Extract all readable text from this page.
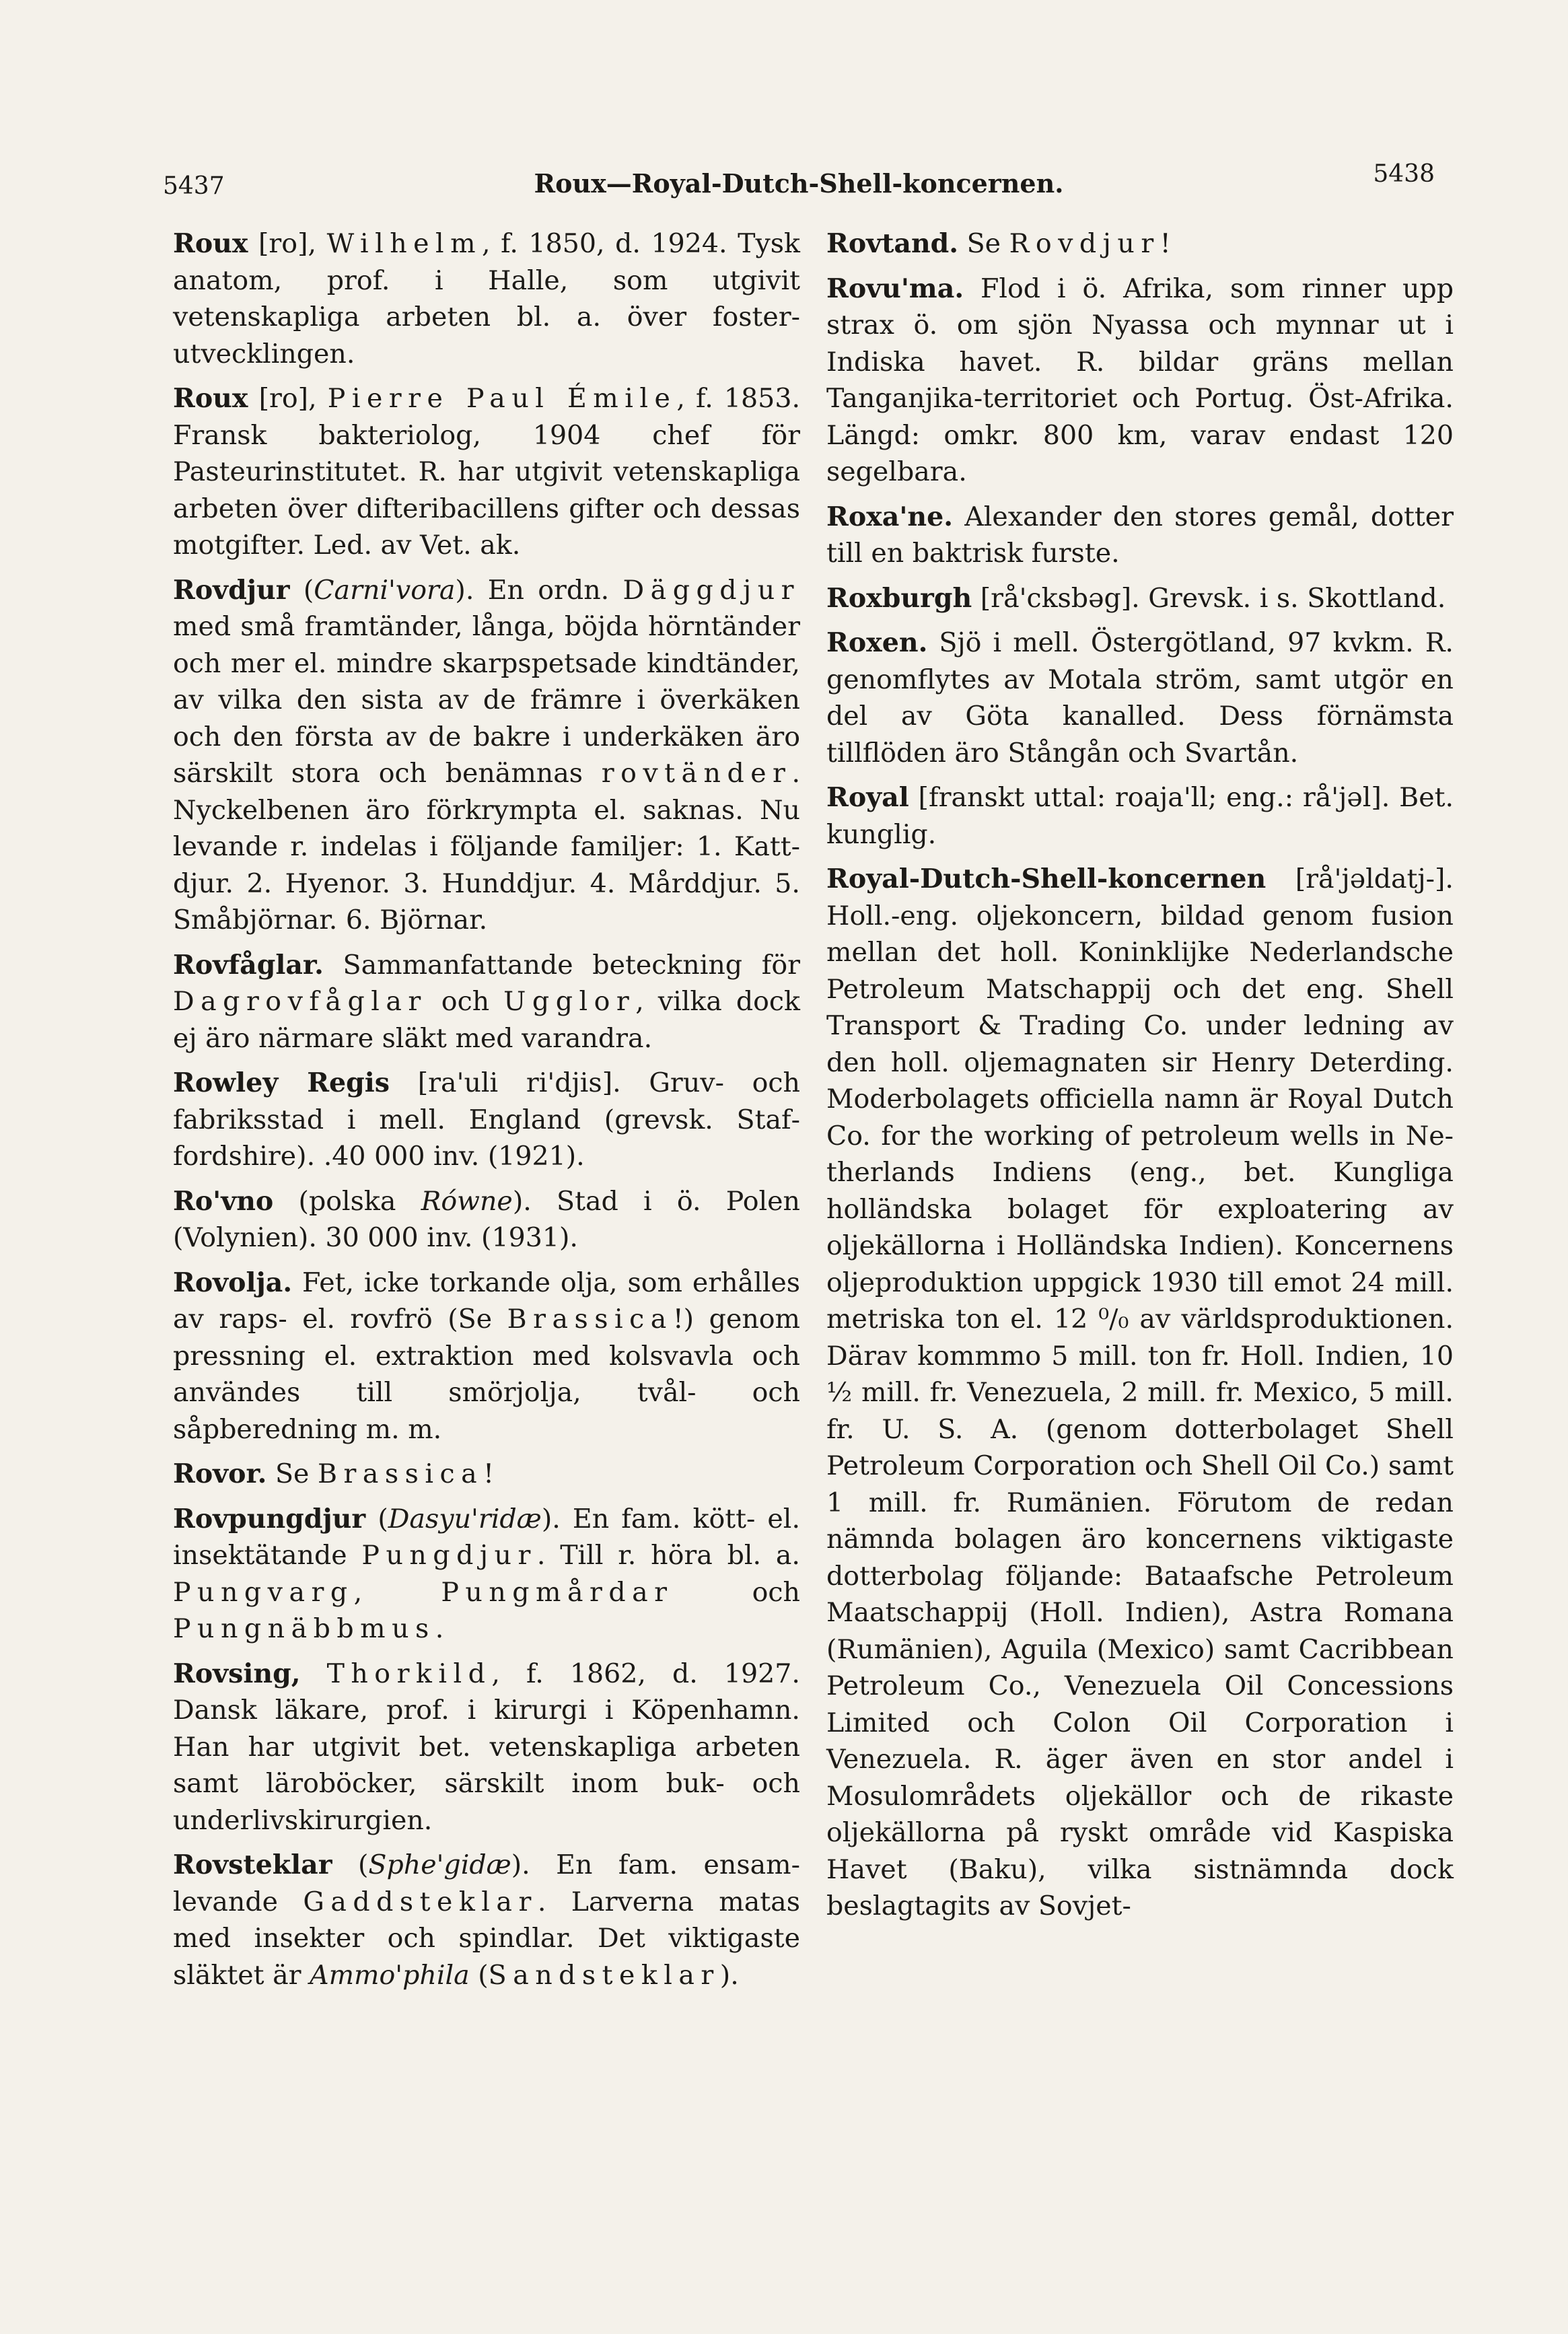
5437	Roux—Royal-Dutch-Shell-koncernen.	5438

Roux [ro], Wilhelm, f. 1850, d. 1924. Tysk anatom, prof. i Halle, som utgivit vetenskapliga arbeten bl. a. över fosterutvecklingen.

Roux [ro], Pierre Paul Émile, f. 1853. Fransk bakteriolog, 1904 chef för Pasteurinstitutet. R. har utgivit vetenskapliga arbeten över difteribacillens gifter och dessas motgifter. Led. av Vet. ak.

Rovdjur (Carni'vora). En ordn. Däggdjur med små framtänder, långa, böjda hörntänder och mer el. mindre skarpspetsade kindtänder, av vilka den sista av de främre i överkäken och den första av de bakre i underkäken äro särskilt stora och benämnas rovtänder. Nyckelbenen äro förkrympta el. saknas. Nu levande r. indelas i följande familjer: 1. Kattdjur. 2. Hyenor. 3. Hunddjur. 4. Mårddjur. 5. Småbjörnar. 6. Björnar.

Rovfåglar. Sammanfattande beteckning för Dagrovfåglar och Ugglor, vilka dock ej äro närmare släkt med varandra.

Rowley Regis [ra'uli ri'djis]. Gruv- och fabriksstad i mell. England (grevsk. Staffordshire). .40 000 inv. (1921).

Ro'vno (polska Równe). Stad i ö. Polen (Volynien). 30 000 inv. (1931).

Rovolja. Fet, icke torkande olja, som erhålles av raps- el. rovfrö (Se Brassica!) genom pressning el. extraktion med kolsvavla och användes till smörjolja, tvål- och såpberedning m. m.

Rovor. Se Brassica!

Rovpungdjur (Dasyu'ridæ). En fam. kött- el. insektätande Pungdjur. Till r. höra bl. a. Pungvarg, Pungmårdar och Pungnäbbmus.

Rovsing, Thorkild, f. 1862, d. 1927. Dansk läkare, prof. i kirurgi i Köpenhamn. Han har utgivit bet. vetenskapliga arbeten samt läroböcker, särskilt inom buk- och underlivskirurgien.

Rovsteklar (Sphe'gidæ). En fam. ensamlevande Gaddsteklar. Larverna matas med insekter och spindlar. Det viktigaste släktet är Ammo'phila (Sandsteklar).

Rovtand. Se Rovdjur!

Rovu'ma. Flod i ö. Afrika, som rinner upp strax ö. om sjön Nyassa och mynnar ut i Indiska havet. R. bildar gräns mellan Tanganjika-territoriet och Portug. Öst-Afrika. Längd: omkr. 800 km, varav endast 120 segelbara.

Roxa'ne. Alexander den stores gemål, dotter till en baktrisk furste.

Roxburgh [rå'cksbəg]. Grevsk. i s. Skottland.

Roxen. Sjö i mell. Östergötland, 97 kvkm. R. genomflytes av Motala ström, samt utgör en del av Göta kanalled. Dess förnämsta tillflöden äro Stångån och Svartån.

Royal [franskt uttal: roaja'll; eng.: rå'jəl]. Bet. kunglig.

Royal-Dutch-Shell-koncernen [rå'jəldatj-]. Holl.-eng. oljekoncern, bildad genom fusion mellan det holl. Koninklijke Nederlandsche Petroleum Matschappij och det eng. Shell Transport & Trading Co. under ledning av den holl. oljemagnaten sir Henry Deterding. Moderbolagets officiella namn är Royal Dutch Co. for the working of petroleum wells in Netherlands Indiens (eng., bet. Kungliga holländska bolaget för exploatering av oljekällorna i Holländska Indien). Koncernens oljeproduktion uppgick 1930 till emot 24 mill. metriska ton el. 12 ⁰/₀ av världsproduktionen. Därav kommmo 5 mill. ton fr. Holl. Indien, 10 ½ mill. fr. Venezuela, 2 mill. fr. Mexico, 5 mill. fr. U. S. A. (genom dotterbolaget Shell Petroleum Corporation och Shell Oil Co.) samt 1 mill. fr. Rumänien. Förutom de redan nämnda bolagen äro koncernens viktigaste dotterbolag följande: Bataafsche Petroleum Maatschappij (Holl. Indien), Astra Romana (Rumänien), Aguila (Mexico) samt Cacribbean Petroleum Co., Venezuela Oil Concessions Limited och Colon Oil Corporation i Venezuela. R. äger även en stor andel i Mosulområdets oljekällor och de rikaste oljekällorna på ryskt område vid Kaspiska Havet (Baku), vilka sistnämnda dock beslagtagits av Sovjet-
